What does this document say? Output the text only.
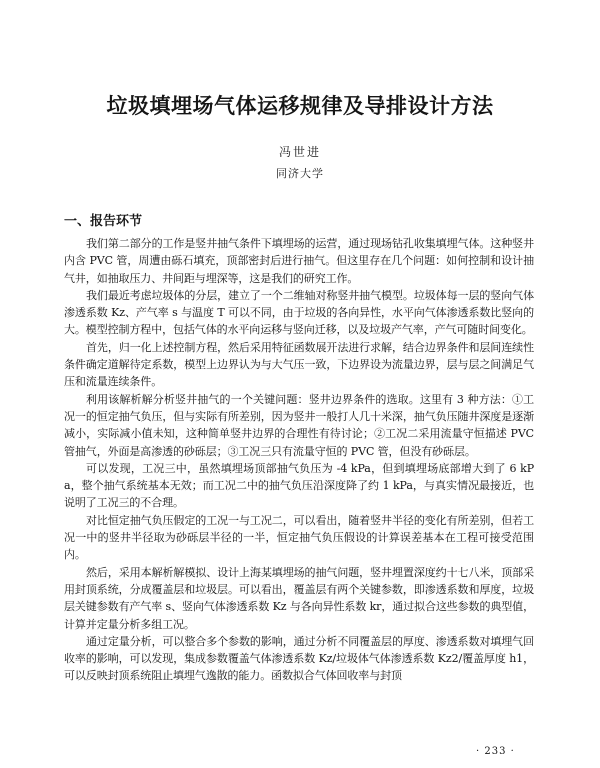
垃圾填埋场气体运移规律及导排设计方法
冯世进
同济大学
一、报告环节

我们第二部分的工作是竖井抽气条件下填埋场的运营，通过现场钻孔收集填埋气体。这种竖井内含 PVC 管，周遭由砾石填充，顶部密封后进行抽气。但这里存在几个问题：如何控制和设计抽气井，如抽取压力、井间距与埋深等，这是我们的研究工作。

我们最近考虑垃圾体的分层，建立了一个二维轴对称竖井抽气模型。垃圾体每一层的竖向气体渗透系数 Kz、产气率 s 与温度 T 可以不同，由于垃圾的各向异性，水平向气体渗透系数比竖向的大。模型控制方程中，包括气体的水平向运移与竖向迁移，以及垃圾产气率，产气可随时间变化。

首先，归一化上述控制方程，然后采用特征函数展开法进行求解，结合边界条件和层间连续性条件确定道解待定系数，模型上边界认为与大气压一致，下边界设为流量边界，层与层之间满足气压和流量连续条件。

利用该解析解分析竖井抽气的一个关键问题：竖井边界条件的选取。这里有 3 种方法：①工况一的恒定抽气负压，但与实际有所差别，因为竖井一般打人几十米深，抽气负压随井深度是逐渐减小，实际减小值未知，这种简单竖井边界的合理性有待讨论；②工况二采用流量守恒描述 PVC 管抽气，外面是高渗透的砂砾层；③工况三只有流量守恒的 PVC 管，但没有砂砾层。

可以发现，工况三中，虽然填埋场顶部抽气负压为 -4 kPa，但到填埋场底部增大到了 6 kPa，整个抽气系统基本无效；而工况二中的抽气负压沿深度降了约 1 kPa，与真实情况最接近，也说明了工况三的不合理。

对比恒定抽气负压假定的工况一与工况二，可以看出，随着竖井半径的变化有所差别，但若工况一中的竖井半径取为砂砾层半径的一半，恒定抽气负压假设的计算误差基本在工程可接受范围内。

然后，采用本解析解模拟、设计上海某填埋场的抽气问题，竖井埋置深度约十七八米，顶部采用封顶系统，分成覆盖层和垃圾层。可以看出，覆盖层有两个关键参数，即渗透系数和厚度，垃圾层关键参数有产气率 s、竖向气体渗透系数 Kz 与各向异性系数 kr，通过拟合这些参数的典型值，计算并定量分析多组工况。

通过定量分析，可以整合多个参数的影响，通过分析不同覆盖层的厚度、渗透系数对填埋气回收率的影响，可以发现，集成参数覆盖气体渗透系数 Kz/垃圾体气体渗透系数 Kz2/覆盖厚度 h1，可以反映封顶系统阻止填埋气逸散的能力。函数拟合气体回收率与封顶

· 233 ·
